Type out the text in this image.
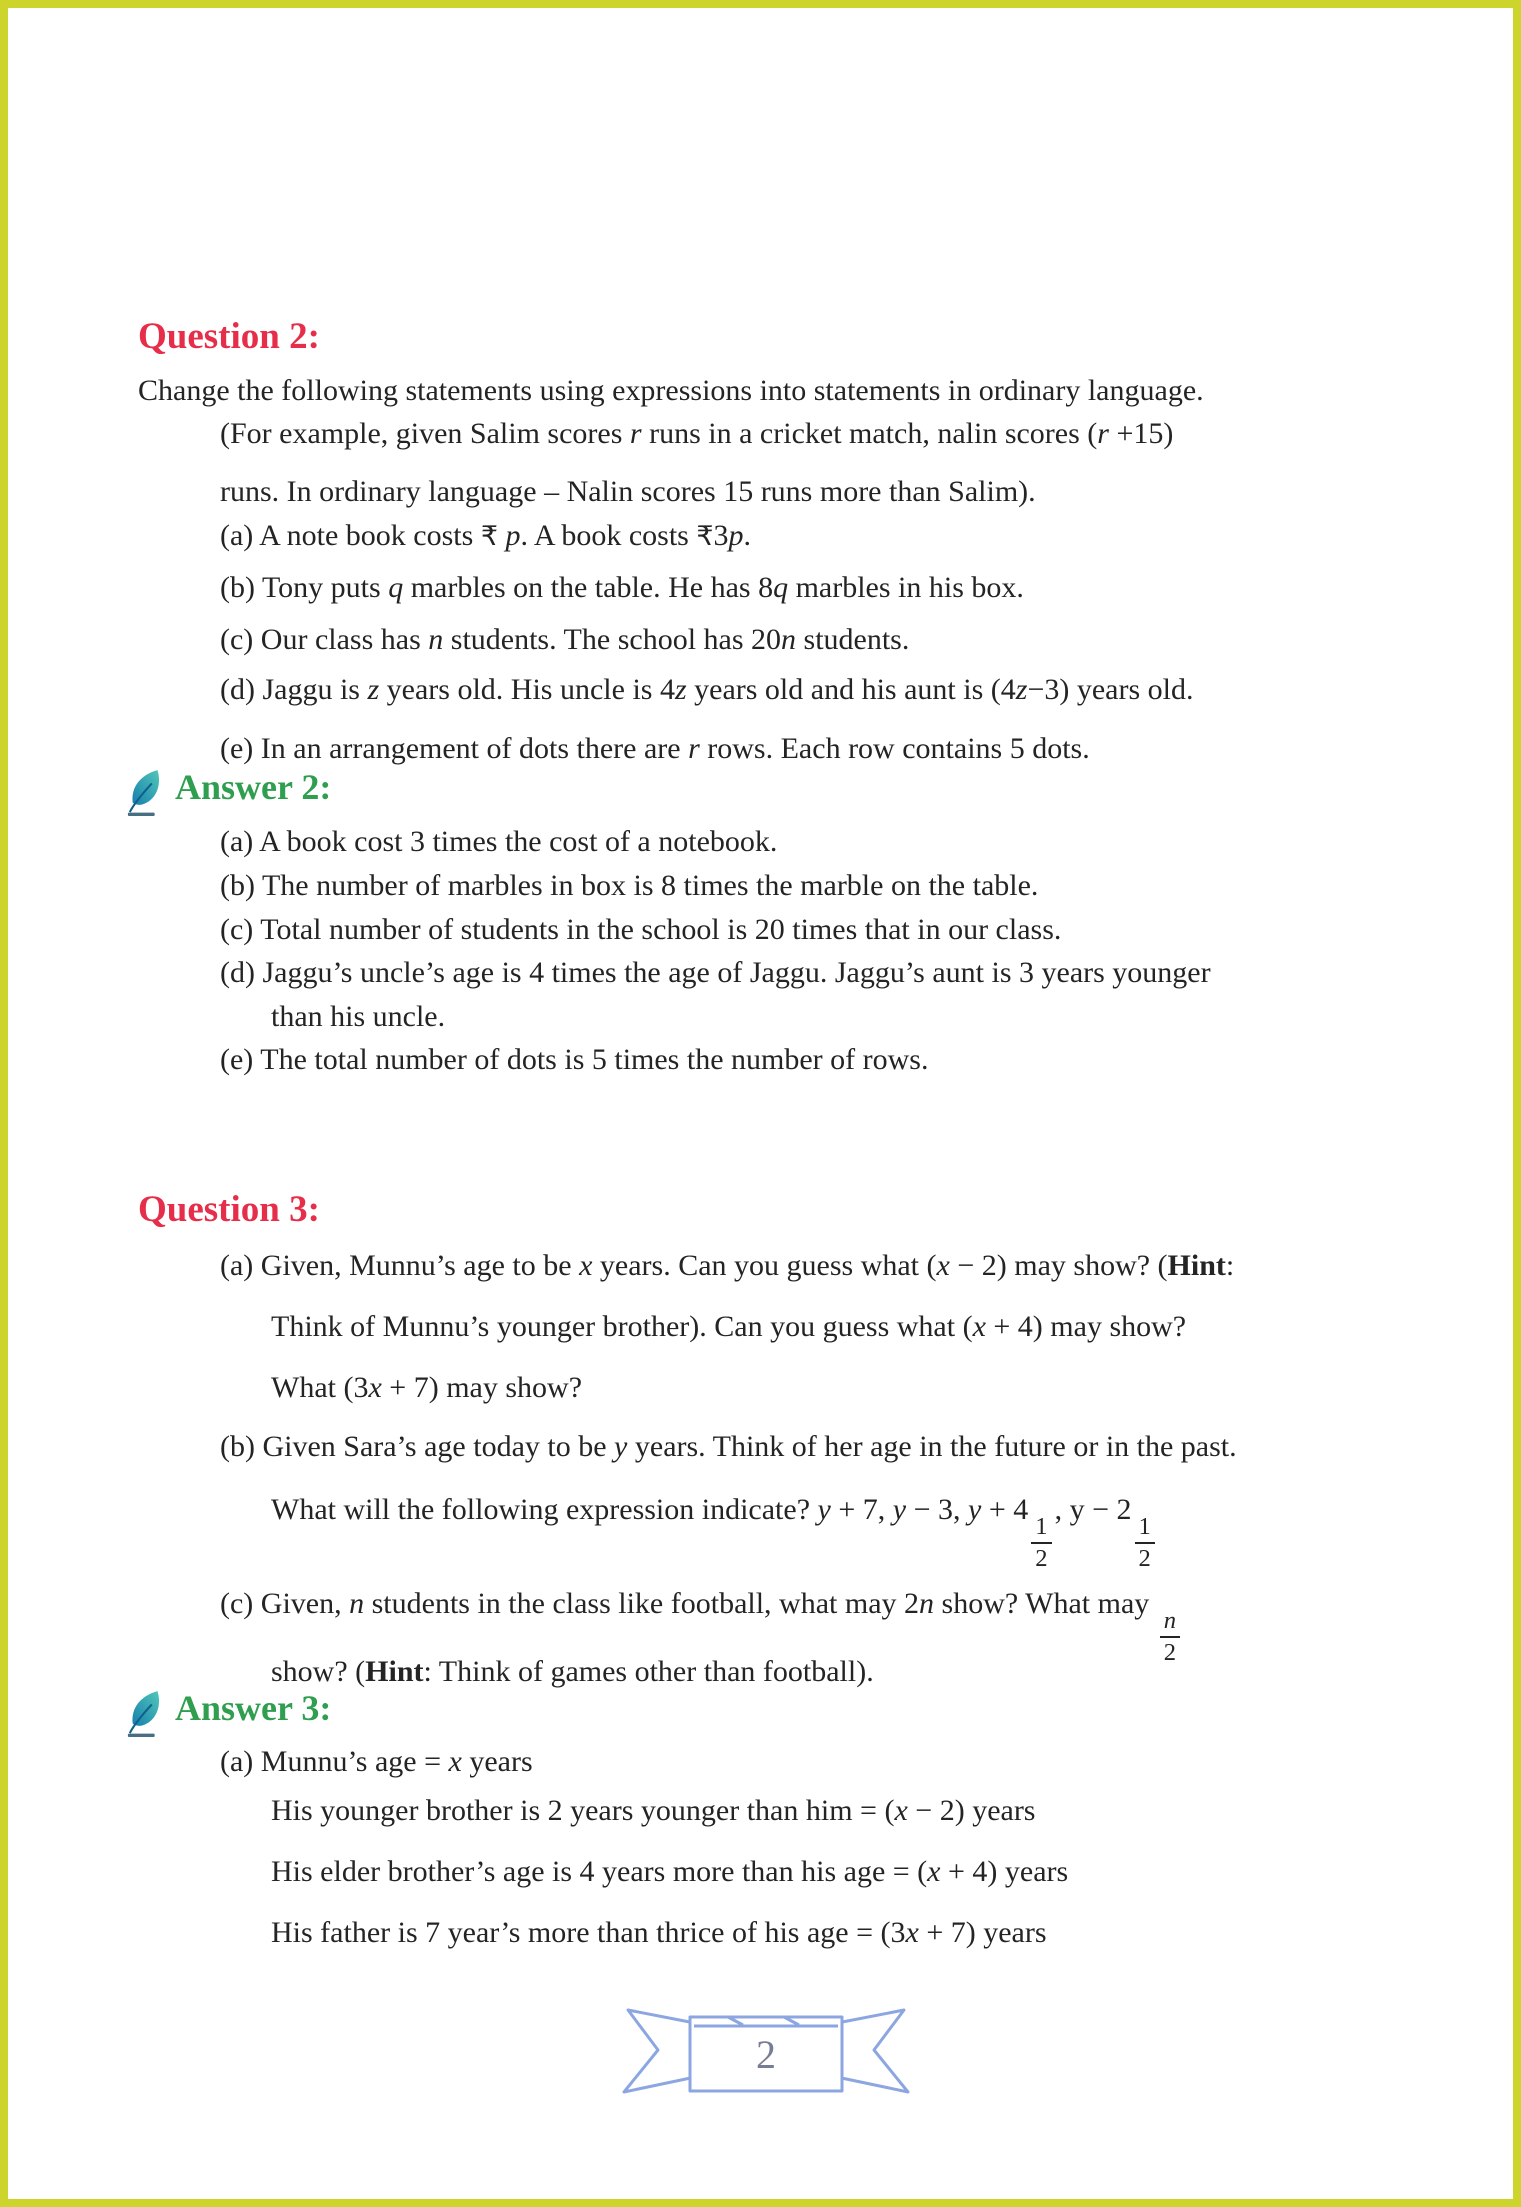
Question 2:
Change the following statements using expressions into statements in ordinary language.
(For example, given Salim scores r runs in a cricket match, nalin scores (r +15)
runs. In ordinary language – Nalin scores 15 runs more than Salim).
(a) A note book costs ₹ p. A book costs ₹3p.
(b) Tony puts q marbles on the table. He has 8q marbles in his box.
(c) Our class has n students. The school has 20n students.
(d) Jaggu is z years old. His uncle is 4z years old and his aunt is (4z−3) years old.
(e) In an arrangement of dots there are r rows. Each row contains 5 dots.
Answer 2:
(a) A book cost 3 times the cost of a notebook.
(b) The number of marbles in box is 8 times the marble on the table.
(c) Total number of students in the school is 20 times that in our class.
(d) Jaggu’s uncle’s age is 4 times the age of Jaggu. Jaggu’s aunt is 3 years younger
than his uncle.
(e) The total number of dots is 5 times the number of rows.
Question 3:
(a) Given, Munnu’s age to be x years. Can you guess what (x − 2) may show? (Hint:
Think of Munnu’s younger brother). Can you guess what (x + 4) may show?
What (3x + 7) may show?
(b) Given Sara’s age today to be y years. Think of her age in the future or in the past.
What will the following expression indicate? y + 7, y − 3, y + 4
$\frac{1}{2}$
, y − 2
$\frac{1}{2}$
(c) Given, n students in the class like football, what may 2n show? What may
$\frac{n}{2}$
show? (Hint: Think of games other than football).
Answer 3:
(a) Munnu’s age = x years
His younger brother is 2 years younger than him = (x − 2) years
His elder brother’s age is 4 years more than his age = (x + 4) years
His father is 7 year’s more than thrice of his age = (3x + 7) years
2
